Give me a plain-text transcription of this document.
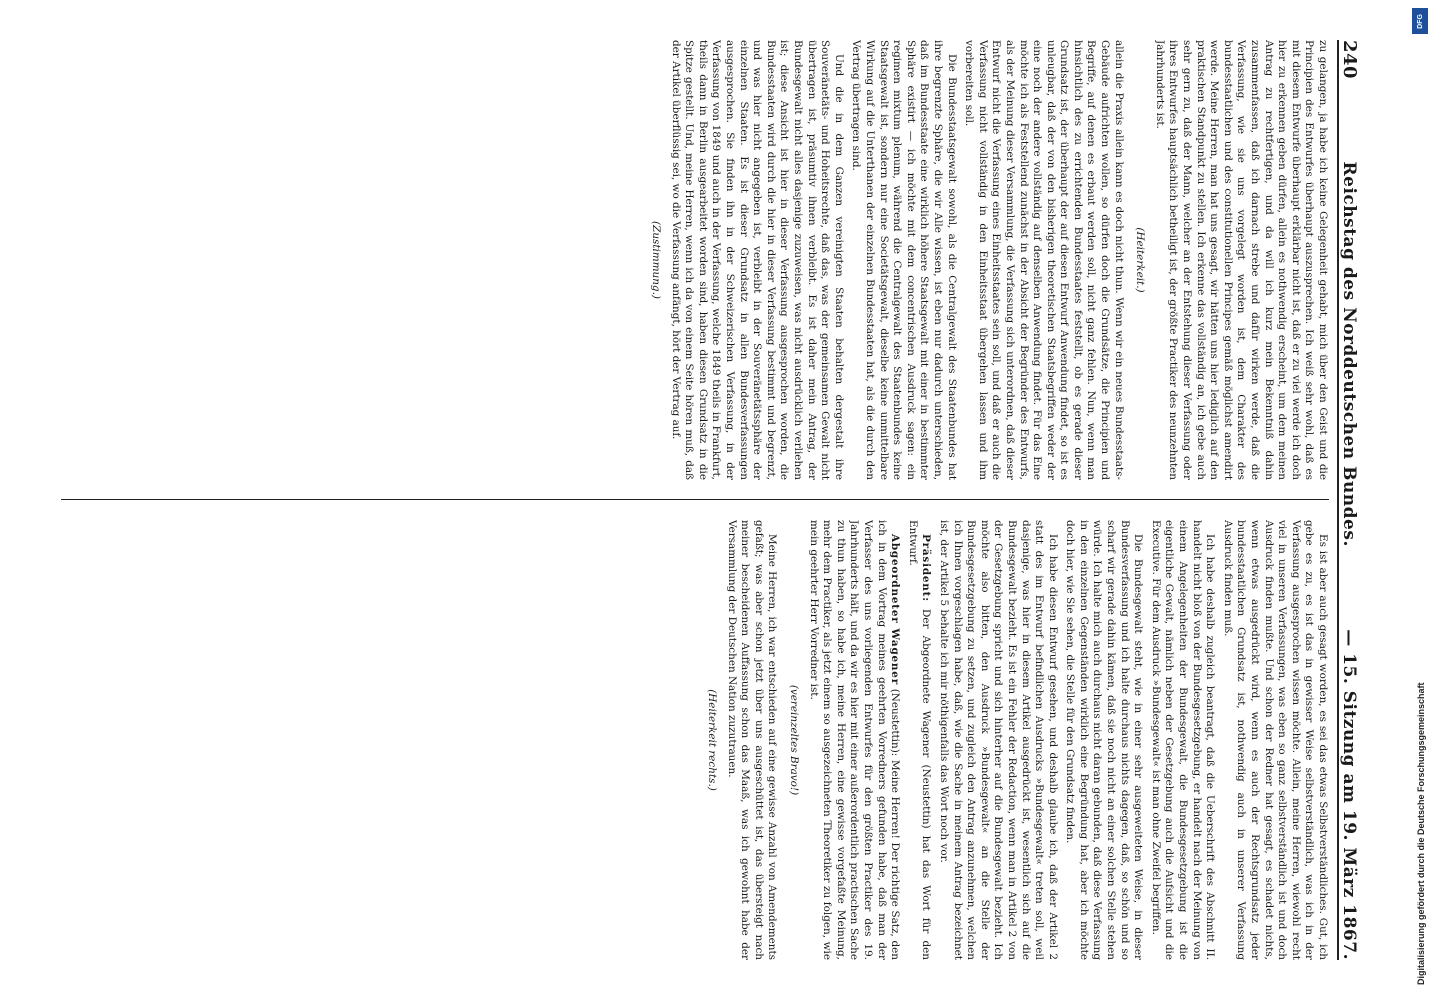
240
Reichstag des Norddeutschen Bundes.
— 15. Sitzung am 19. März 1867.

zu gelangen, ja habe ich keine Gelegenheit gehabt, mich über den Geist und die Principien des Entwurfes überhaupt auszusprechen. Ich weiß sehr wohl, daß es mit diesem Entwurfe überhaupt erklärbar nicht ist, daß er zu viel werde ich doch hier zu erkennen geben dürfen, allein es nothwendig erscheint, um dem meinen Antrag zu rechtfertigen, und da will ich kurz mein Bekenntniß dahin zusammenfassen, daß ich darnach strebe und dafür wirken werde, daß die Verfassung, wie sie uns vorgelegt worden ist, dem Charakter des bundesstaatlichen und des constitutionellen Principes gemäß möglichst amendirt werde. Meine Herren, man hat uns gesagt, wir hätten uns hier lediglich auf den praktischen Standpunkt zu stellen. Ich erkenne das vollständig an, ich gebe auch sehr gern zu, daß der Mann, welcher an der Entstehung dieser Verfassung oder ihres Entwurfes hauptsächlich betheiligt ist, der größte Practiker des neunzehnten Jahrhunderts ist.

(Heiterkeit.)

allein die Praxis allein kann es doch nicht thun. Wenn wir ein neues Bundesstaats-Gebäude aufrichten wollen, so dürfen doch die Grundsätze, die Principien und Begriffe, auf denen es erbaut werden soll, nicht ganz fehlen. Nun, wenn man hinsichtlich des zu errichtenden Bundesstaates feststellt, ob es gerade dieser Grundsatz ist, der überhaupt der auf diesen Entwurf Anwendung findet, so ist es unleugbar, daß der von den bisherigen theoretischen Staatsbegriffen weder der eine noch der andere vollständig auf denselben Anwendung findet. Für das Eine möchte ich als Feststellend zunächst in der Absicht der Begründer des Entwurfs, als der Meinung dieser Versammlung, die Verfassung sich unterordnen, daß dieser Entwurf nicht die Verfassung eines Einheitsstaates sein soll, und daß er auch die Verfassung nicht vollständig in den Einheitsstaat übergehen lassen und ihm vorbereiten soll.

Die Bundesstaatsgewalt sowohl, als die Centralgewalt des Staatenbundes hat ihre begrenzte Sphäre, die wir Alle wissen, ist eben nur dadurch unterschieden, daß im Bundesstaate eine wirklich höhere Staatsgewalt mit einer in bestimmter Sphäre existirt — ich möchte mit dem concentrischen Ausdruck sagen: ein regimen mixtum plenum, während die Centralgewalt des Staatenbundes keine Staatsgewalt ist, sondern nur eine Societätsgewalt, dieselbe keine unmittelbare Wirkung auf die Unterthanen der einzelnen Bundesstaaten hat, als die durch den Vertrag übertragen sind.

Und die in dem Ganzen vereinigten Staaten behalten dergestalt ihre Souveränetäts- und Hoheitsrechte, daß das, was der gemeinsamen Gewalt nicht übertragen ist, präsumtiv ihnen verbleibt. Es ist daher mein Antrag, der Bundesgewalt nicht alles dasjenige zuzuweisen, was nicht ausdrücklich verliehen ist; diese Ansicht ist hier in dieser Verfassung ausgesprochen worden, die Bundesstaaten wird durch die hier in dieser Verfassung bestimmt und begrenzt, und was hier nicht angegeben ist, verbleibt in der Souveränetätssphäre der einzelnen Staaten. Es ist dieser Grundsatz in allen Bundesverfassungen ausgesprochen. Sie finden ihn in der Schweizerischen Verfassung, in der Verfassung von 1849 und auch in der Verfassung, welche 1849 theils in Frankfurt, theils dann in Berlin ausgearbeitet worden sind, haben diesen Grundsatz in die Spitze gestellt. Und, meine Herren, wenn ich da von einem Seite hören muß, daß der Artikel überflüssig sei, wo die Verfassung anfängt, hört der Vertrag auf.

(Zustimmung.)

Es ist aber auch gesagt worden, es sei das etwas Selbstverständliches. Gut, ich gebe es zu, es ist das in gewisser Weise selbstverständlich, was ich in der Verfassung ausgesprochen wissen möchte. Allein, meine Herren, wiewohl recht viel in unseren Verfassungen, was eben so ganz selbstverständlich ist und doch Ausdruck finden mußte. Und schon der Redner hat gesagt, es schadet nichts, wenn etwas ausgedrückt wird, wenn es auch der Rechtsgrundsatz jeder bundesstaatlichen Grundsatz ist, nothwendig auch in unserer Verfassung Ausdruck finden muß.

Ich habe deshalb zugleich beantragt, daß die Ueberschrift des Abschnitt II. handelt nicht bloß von der Bundesgesetzgebung, er handelt nach der Meinung von einem Angelegenheiten der Bundesgewalt, die Bundesgesetzgebung ist die eigentliche Gewalt, nämlich neben der Gesetzgebung auch die Aufsicht und die Executive. Für dem Ausdruck »Bundesgewalt« ist man ohne Zweifel begriffen.

Die Bundesgewalt steht, wie in einer sehr ausgeweiteten Weise, in dieser Bundesverfassung und ich halte durchaus nichts dagegen, daß, so schön und so scharf wir gerade dahin kämen, daß sie noch nicht an einer solchen Stelle stehen würde. Ich halte mich auch durchaus nicht daran gebunden, daß diese Verfassung in den einzelnen Gegenständen wirklich eine Begründung hat, aber ich möchte doch hier, wie Sie sehen, die Stelle für den Grundsatz finden.

Ich habe diesen Entwurf gesehen, und deshalb glaube ich, daß der Artikel 2 statt des im Entwurf befindlichen Ausdrucks »Bundesgewalt« treten soll, weil dasjenige, was hier in diesem Artikel ausgedrückt ist, wesentlich sich auf die Bundesgewalt bezieht. Es ist ein Fehler der Redaction, wenn man in Artikel 2 von der Gesetzgebung spricht und sich hinterher auf die Bundesgewalt bezieht. Ich möchte also bitten, den Ausdruck »Bundesgewalt« an die Stelle der Bundesgesetzgebung zu setzen, und zugleich den Antrag anzunehmen, welchen ich Ihnen vorgeschlagen habe, daß, wie die Sache in meinem Antrag bezeichnet ist, der Artikel 5 behalte ich mir nöthigenfalls das Wort noch vor.

Präsident: Der Abgeordnete Wagener (Neustettin) hat das Wort für den Entwurf.

Abgeordneter Wagener (Neustettin): Meine Herren! Der richtige Satz, den ich in dem Vortrag meines geehrten Vorredners gefunden habe, daß man der Verfasser des uns vorliegenden Entwurfes für den größten Practiker des 19. Jahrhunderts hält, und da wir es hier mit einer außerordentlich practischen Sache zu thun haben, so habe ich, meine Herren, eine gewisse vorgefaßte Meinung, mehr dem Practiker, als jetzt einem so ausgezeichneten Theoretiker zu folgen, wie mein geehrter Herr Vorredner ist.

(vereinzeltes Bravo!)

Meine Herren, ich war entschieden auf eine gewisse Anzahl von Amendements gefaßt; was aber schon jetzt über uns ausgeschüttet ist, das übersteigt nach meiner bescheidenen Auffassung schon das Maaß, was ich gewohnt habe der Versammlung der Deutschen Nation zuzutrauen.

(Heiterkeit rechts.)
DFG
Digitalisierung gefördert durch die Deutsche Forschungsgemeinschaft
